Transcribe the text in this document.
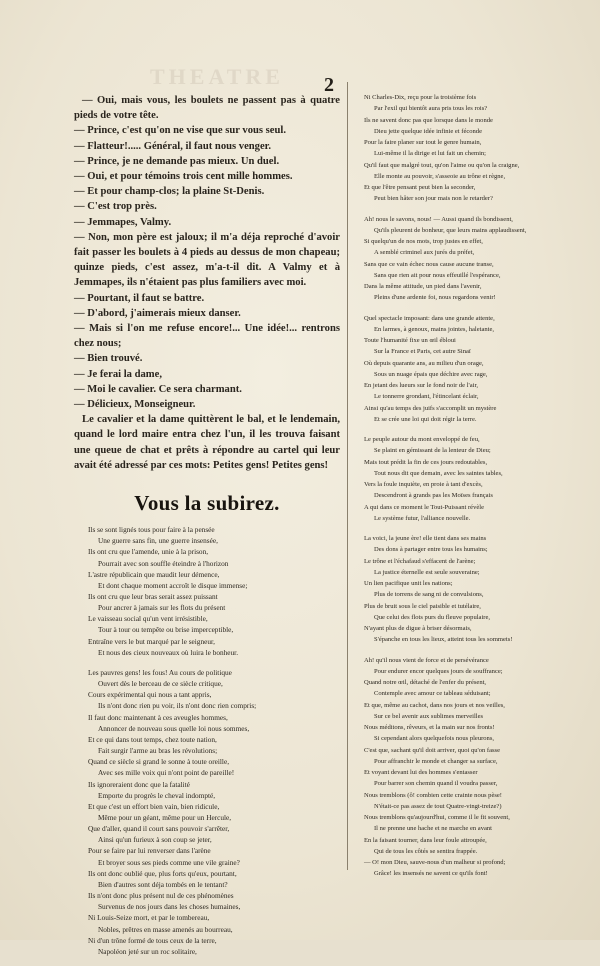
THEATRE 2

— Oui, mais vous, les boulets ne passent pas à quatre pieds de votre tête.

— Prince, c'est qu'on ne vise que sur vous seul.

— Flatteur!..... Général, il faut nous venger.

— Prince, je ne demande pas mieux. Un duel.

— Oui, et pour témoins trois cent mille hommes.

— Et pour champ-clos; la plaine St-Denis.

— C'est trop près.

— Jemmapes, Valmy.

— Non, mon père est jaloux; il m'a déja reproché d'avoir fait passer les boulets à 4 pieds au dessus de mon chapeau; quinze pieds, c'est assez, m'a-t-il dit. A Valmy et à Jemmapes, ils n'étaient pas plus familiers avec moi.

— Pourtant, il faut se battre.

— D'abord, j'aimerais mieux danser.

— Mais si l'on me refuse encore!... Une idée!... rentrons chez nous;

— Bien trouvé.

— Je ferai la dame,

— Moi le cavalier. Ce sera charmant.

— Délicieux, Monseigneur.

Le cavalier et la dame quittèrent le bal, et le lendemain, quand le lord maire entra chez l'un, il les trouva faisant une queue de chat et prêts à répondre au cartel qui leur avait été adressé par ces mots: Petites gens! Petites gens!

Vous la subirez.
Ils se sont lignés tous pour faire à la pensée
Une guerre sans fin, une guerre insensée,
Ils ont cru que l'amende, unie à la prison,
Pourrait avec son souffle éteindre à l'horizon
L'astre républicain que maudit leur démence,
Et dont chaque moment accroît le disque immense;
Ils ont cru que leur bras serait assez puissant
Pour ancrer à jamais sur les flots du présent
Le vaisseau social qu'un vent irrésistible,
Tour à tour ou tempête ou brise imperceptible,
Entraîne vers le but marqué par le seigneur,
Et nous des cieux nouveaux où luira le bonheur.
Les pauvres gens! les fous! Au cours de politique
Ouvert dès le berceau de ce siècle critique,
Cours expérimental qui nous a tant appris,
Ils n'ont donc rien pu voir, ils n'ont donc rien compris;
Il faut donc maintenant à ces aveugles hommes,
Annoncer de nouveau sous quelle loi nous sommes,
Et ce qui dans tout temps, chez toute nation,
Fait surgir l'arme au bras les révolutions;
Quand ce siècle si grand le sonne à toute oreille,
Avec ses mille voix qui n'ont point de pareille!
Ils ignoreraient donc que la fatalité
Emporte du progrès le cheval indompté,
Et que c'est un effort bien vain, bien ridicule,
Même pour un géant, même pour un Hercule,
Que d'aller, quand il court sans pouvoir s'arrêter,
Ainsi qu'un furieux à son coup se jeter,
Pour se faire par lui renverser dans l'arène
Et broyer sous ses pieds comme une vile graine?
Ils ont donc oublié que, plus forts qu'eux, pourtant,
Bien d'autres sont déja tombés en le tentant?
Ils n'ont donc plus présent nul de ces phénomènes
Survenus de nos jours dans les choses humaines,
Ni Louis-Seize mort, et par le tombereau,
Nobles, prêtres en masse amenés au bourreau,
Ni d'un trône formé de tous ceux de la terre,
Napoléon jeté sur un roc solitaire,
Ni Charles-Dix, reçu pour la troisième fois
Par l'exil qui bientôt aura pris tous les rois?
Ils ne savent donc pas que lorsque dans le monde
Dieu jette quelque idée infinie et féconde
Pour la faire planer sur tout le genre humain,
Lui-même il la dirige et lui fait un chemin;
Qu'il faut que malgré tout, qu'on l'aime ou qu'on la craigne,
Elle monte au pouvoir, s'asseoie au trône et règne,
Et que l'être pensant peut bien la seconder,
Peut bien hâter son jour mais non le retarder?
Ah! nous le savons, nous! — Aussi quand ils bondissent,
Qu'ils pleurent de bonheur, que leurs mains applaudissent,
Si quelqu'un de nos mots, trop justes en effet,
A semblé criminel aux jurés du préfet,
Sans que ce vain échec nous cause aucune transe,
Sans que rien ait pour nous effeuillé l'espérance,
Dans la même attitude, un pied dans l'avenir,
Pleins d'une ardente foi, nous regardons venir!
Quel spectacle imposant: dans une grande attente,
En larmes, à genoux, mains jointes, haletante,
Toute l'humanité fixe un œil ébloui
Sur la France et Paris, cet autre Sinaï
Où depuis quarante ans, au milieu d'un orage,
Sous un nuage épais que déchire avec rage,
En jetant des lueurs sur le fond noir de l'air,
Le tonnerre grondant, l'étincelant éclair,
Ainsi qu'au temps des juifs s'accomplit un mystère
Et se crée une loi qui doit régir la terre.
Le peuple autour du mont enveloppé de feu,
Se plaint en gémissant de la lenteur de Dieu;
Mais tout prédit la fin de ces jours redoutables,
Tout nous dit que demain, avec les saintes tables,
Vers la foule inquiète, en proie à tant d'excès,
Descendront à grands pas les Moïses français
A qui dans ce moment le Tout-Puissant révèle
Le système futur, l'alliance nouvelle.
La voici, la jeune ère! elle tient dans ses mains
Des dons à partager entre tous les humains;
Le trône et l'échafaud s'effacent de l'arène;
La justice éternelle est seule souveraine;
Un lien pacifique unit les nations;
Plus de torrens de sang ni de convulsions,
Plus de bruit sous le ciel paisible et tutélaire,
Que celui des flots purs du fleuve populaire,
N'ayant plus de digue à briser désormais,
S'épanche en tous les lieux, atteint tous les sommets!
Ah! qu'il nous vient de force et de persévérance
Pour endurer encor quelques jours de souffrance;
Quand notre œil, détaché de l'enfer du présent,
Contemple avec amour ce tableau séduisant;
Et que, même au cachot, dans nos jours et nos veilles,
Sur ce bel avenir aux sublimes merveilles
Nous méditons, rêveurs, et la main sur nos fronts!
Si cependant alors quelquefois nous pleurons,
C'est que, sachant qu'il doit arriver, quoi qu'on fasse
Pour affranchir le monde et changer sa surface,
Et voyant devant lui des hommes s'entasser
Pour barrer son chemin quand il voudra passer,
Nous tremblons (ô! combien cette crainte nous pèse!
N'était-ce pas assez de tout Quatre-vingt-treize?)
Nous tremblons qu'aujourd'hui, comme il le fit souvent,
Il ne prenne une hache et ne marche en avant
En la faisant tourner, dans leur foule attroupée,
Qui de tous les côtés se sentira frappée.
— O! mon Dieu, sauve-nous d'un malheur si profond;
Grâce! les insensés ne savent ce qu'ils font!
